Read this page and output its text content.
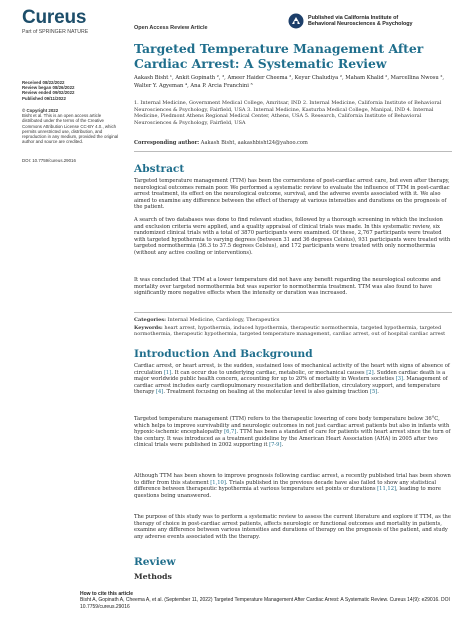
Cureus
Part of SPRINGER NATURE
Open Access Review Article
Published via California Institute of
Behavioral Neurosciences & Psychology
Targeted Temperature Management After Cardiac Arrest: A Systematic Review
Aakash Bisht ¹, Ankit Gopinath ², ³, Ameer Haider Cheema ², Keyur Chaludiya ², Maham Khalid ², Marcellina Nwosu ², Walter Y. Agyeman ⁴, Ana P. Arcia Franchini ⁵
1. Internal Medicine, Government Medical College, Amritsar, IND 2. Internal Medicine, California Institute of Behavioral Neurosciences & Psychology, Fairfield, USA 3. Internal Medicine, Kasturba Medical College, Manipal, IND 4. Internal Medicine, Piedmont Athens Regional Medical Center, Athens, USA 5. Research, California Institute of Behavioral Neurosciences & Psychology, Fairfield, USA
Corresponding author: Aakash Bisht, aakashbisht24@yahoo.com
Received 08/22/2022
Review began 08/26/2022
Review ended 09/02/2022
Published 09/11/2022
© Copyright 2022
Bisht et al. This is an open access article distributed under the terms of the Creative Commons Attribution License CC-BY 4.0., which permits unrestricted use, distribution, and reproduction in any medium, provided the original author and source are credited.
DOI: 10.7759/cureus.29016
Abstract

Targeted temperature management (TTM) has been the cornerstone of post-cardiac arrest care, but even after therapy, neurological outcomes remain poor. We performed a systematic review to evaluate the influence of TTM in post-cardiac arrest treatment, its effect on the neurological outcome, survival, and the adverse events associated with it. We also aimed to examine any difference between the effect of therapy at various intensities and durations on the prognosis of the patient.

A search of two databases was done to find relevant studies, followed by a thorough screening in which the inclusion and exclusion criteria were applied, and a quality appraisal of clinical trials was made. In this systematic review, six randomized clinical trials with a total of 3870 participants were examined. Of these, 2,767 participants were treated with targeted hypothermia to varying degrees (between 31 and 36 degrees Celsius), 931 participants were treated with targeted normothermia (36.3 to 37.5 degrees Celsius), and 172 participants were treated with only normothermia (without any active cooling or interventions).

It was concluded that TTM at a lower temperature did not have any benefit regarding the neurological outcome and mortality over targeted normothermia but was superior to normothermia treatment. TTM was also found to have significantly more negative effects when the intensity or duration was increased.

Categories: Internal Medicine, Cardiology, Therapeutics
Keywords: heart arrest, hypothermia, induced hypothermia, therapeutic normothermia, targeted hypothermia, targeted normothermia, therapeutic hypothermia, targeted temperature management, cardiac arrest, out of hospital cardiac arrest
Introduction And Background

Cardiac arrest, or heart arrest, is the sudden, sustained loss of mechanical activity of the heart with signs of absence of circulation [1]. It can occur due to underlying cardiac, metabolic, or mechanical causes [2]. Sudden cardiac death is a major worldwide public health concern, accounting for up to 20% of mortality in Western societies [3]. Management of cardiac arrest includes early cardiopulmonary resuscitation and defibrillation, circulatory support, and temperature therapy [4]. Treatment focusing on healing at the molecular level is also gaining traction [5].

Targeted temperature management (TTM) refers to the therapeutic lowering of core body temperature below 36°C, which helps to improve survivability and neurologic outcomes in not just cardiac arrest patients but also in infants with hypoxic-ischemic encephalopathy [6,7]. TTM has been a standard of care for patients with heart arrest since the turn of the century. It was introduced as a treatment guideline by the American Heart Association (AHA) in 2005 after two clinical trials were published in 2002 supporting it [7-9].

Although TTM has been shown to improve prognosis following cardiac arrest, a recently published trial has been shown to differ from this statement [1,10]. Trials published in the previous decade have also failed to show any statistical difference between therapeutic hypothermia at various temperature set points or durations [11,12], leading to more questions being unanswered.

The purpose of this study was to perform a systematic review to assess the current literature and explore if TTM, as the therapy of choice in post-cardiac arrest patients, affects neurologic or functional outcomes and mortality in patients, examine any difference between various intensities and durations of therapy on the prognosis of the patient, and study any adverse events associated with the therapy.

Review
Methods
How to cite this article
Bisht A, Gopinath A, Cheema A, et al. (September 11, 2022) Targeted Temperature Management After Cardiac Arrest: A Systematic Review. Cureus 14(9): e29016. DOI 10.7759/cureus.29016
